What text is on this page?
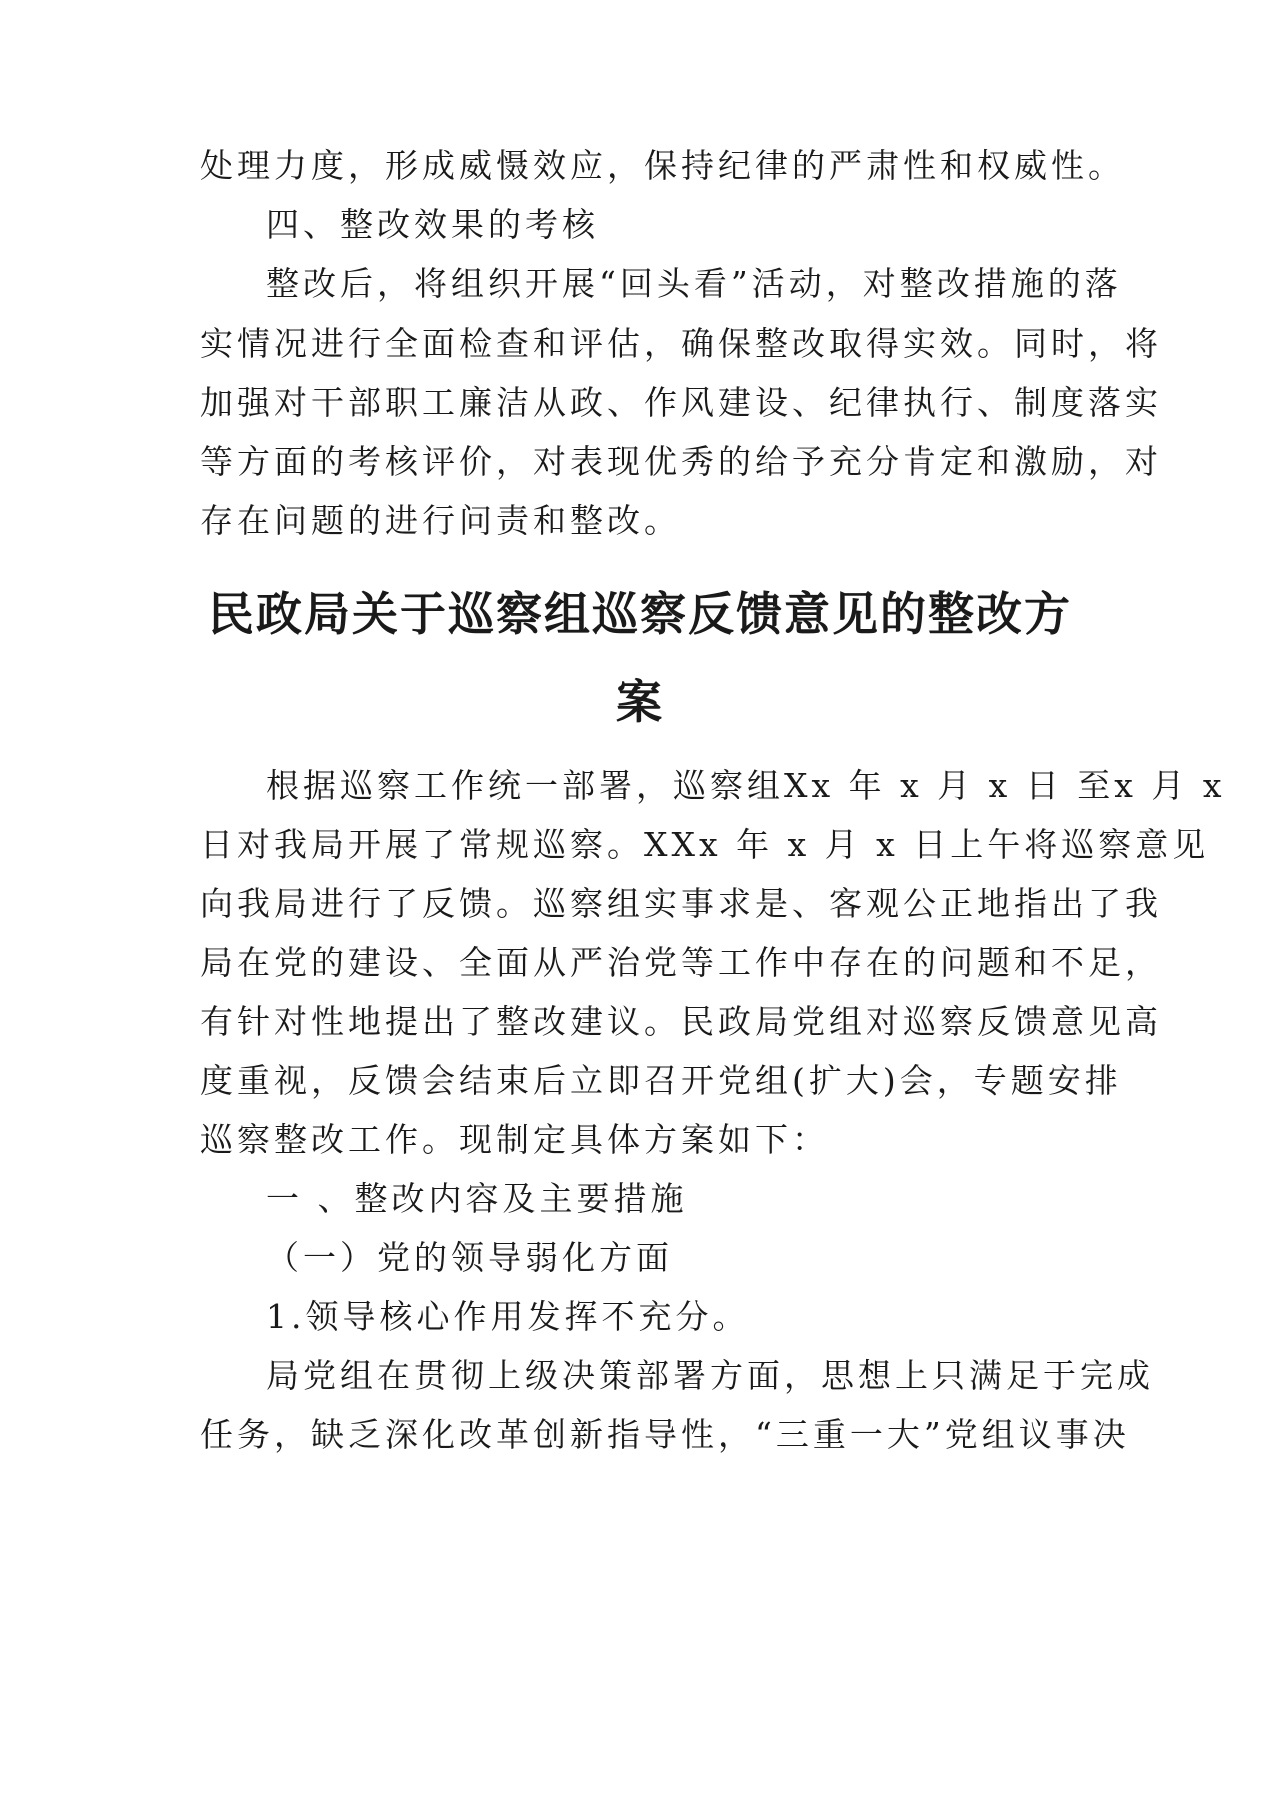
处理力度，形成威慑效应，保持纪律的严肃性和权威性。

四、整改效果的考核

整改后，将组织开展“回头看”活动，对整改措施的落

实情况进行全面检查和评估，确保整改取得实效。同时，将

加强对干部职工廉洁从政、作风建设、纪律执行、制度落实

等方面的考核评价，对表现优秀的给予充分肯定和激励，对

存在问题的进行问责和整改。

民政局关于巡察组巡察反馈意见的整改方
案

根据巡察工作统一部署，巡察组Xx 年 x 月 x 日 至x 月 x

日对我局开展了常规巡察。XXx 年 x 月 x 日上午将巡察意见

向我局进行了反馈。巡察组实事求是、客观公正地指出了我

局在党的建设、全面从严治党等工作中存在的问题和不足，

有针对性地提出了整改建议。民政局党组对巡察反馈意见高

度重视，反馈会结束后立即召开党组(扩大)会，专题安排

巡察整改工作。现制定具体方案如下：

一 、整改内容及主要措施

（一）党的领导弱化方面

1.领导核心作用发挥不充分。

局党组在贯彻上级决策部署方面，思想上只满足于完成

任务，缺乏深化改革创新指导性，“三重一大”党组议事决
